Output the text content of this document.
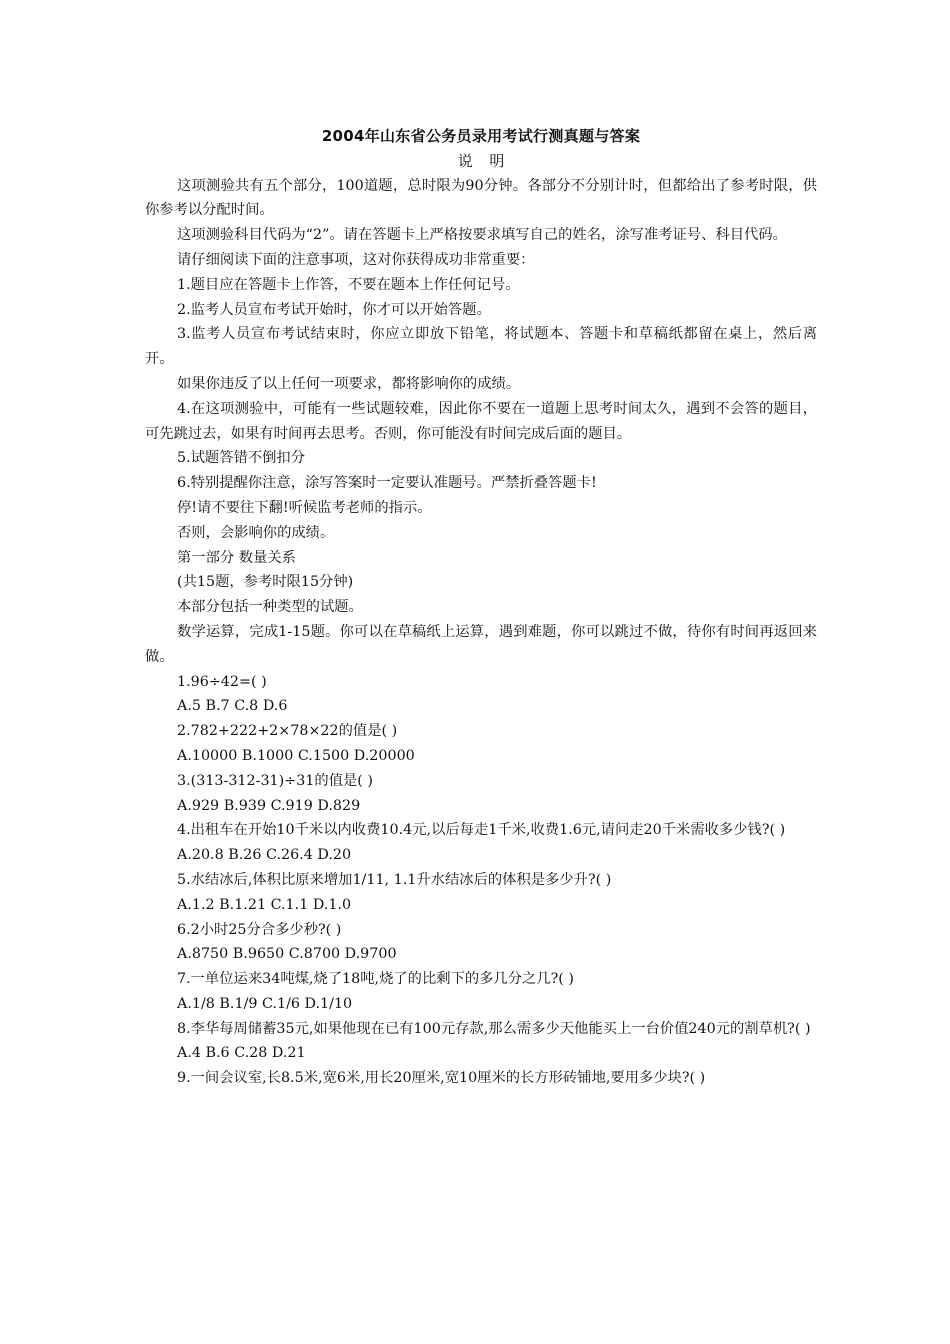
2004年山东省公务员录用考试行测真题与答案
说 明

这项测验共有五个部分，100道题，总时限为90分钟。各部分不分别计时，但都给出了参考时限，供你参考以分配时间。

这项测验科目代码为“2”。请在答题卡上严格按要求填写自己的姓名，涂写准考证号、科目代码。

请仔细阅读下面的注意事项，这对你获得成功非常重要：

1.题目应在答题卡上作答，不要在题本上作任何记号。

2.监考人员宣布考试开始时，你才可以开始答题。

3.监考人员宣布考试结束时，你应立即放下铅笔，将试题本、答题卡和草稿纸都留在桌上，然后离开。

如果你违反了以上任何一项要求，都将影响你的成绩。

4.在这项测验中，可能有一些试题较难，因此你不要在一道题上思考时间太久，遇到不会答的题目，可先跳过去，如果有时间再去思考。否则，你可能没有时间完成后面的题目。

5.试题答错不倒扣分

6.特别提醒你注意，涂写答案时一定要认准题号。严禁折叠答题卡!

停!请不要往下翻!听候监考老师的指示。

否则，会影响你的成绩。

第一部分 数量关系

(共15题，参考时限15分钟)

本部分包括一种类型的试题。

数学运算，完成1-15题。你可以在草稿纸上运算，遇到难题，你可以跳过不做，待你有时间再返回来做。

1.96÷42=( )

A.5 B.7 C.8 D.6

2.782+222+2×78×22的值是( )

A.10000 B.1000 C.1500 D.20000

3.(313-312-31)÷31的值是( )

A.929 B.939 C.919 D.829

4.出租车在开始10千米以内收费10.4元,以后每走1千米,收费1.6元,请问走20千米需收多少钱?( )

A.20.8 B.26 C.26.4 D.20

5.水结冰后,体积比原来增加1/11, 1.1升水结冰后的体积是多少升?( )

A.1.2 B.1.21 C.1.1 D.1.0

6.2小时25分合多少秒?( )

A.8750 B.9650 C.8700 D.9700

7.一单位运来34吨煤,烧了18吨,烧了的比剩下的多几分之几?( )

A.1/8 B.1/9 C.1/6 D.1/10

8.李华每周储蓄35元,如果他现在已有100元存款,那么需多少天他能买上一台价值240元的割草机?( )

A.4 B.6 C.28 D.21

9.一间会议室,长8.5米,宽6米,用长20厘米,宽10厘米的长方形砖铺地,要用多少块?( )
